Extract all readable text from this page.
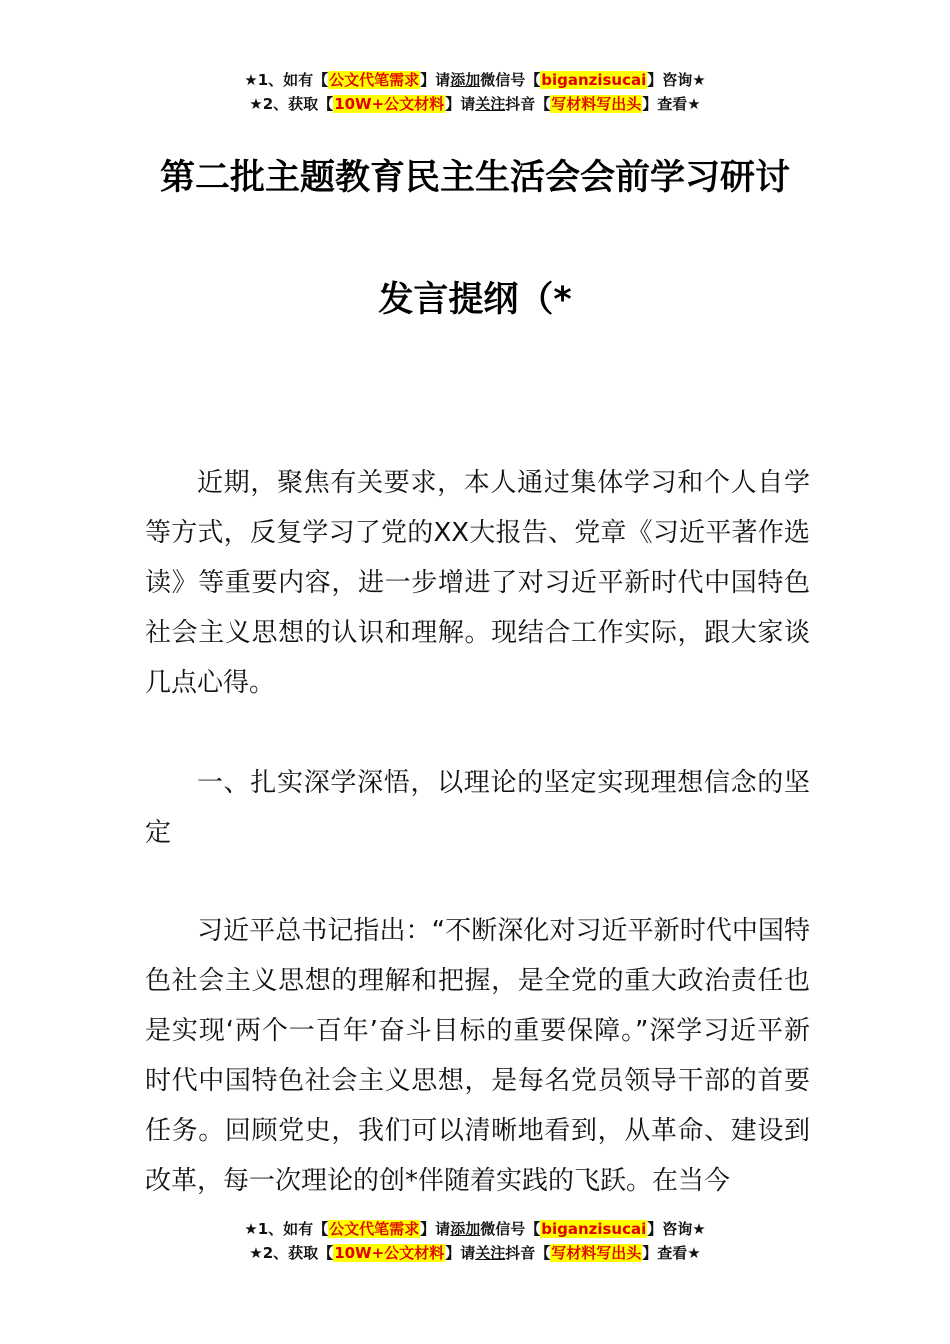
★1、如有【公文代笔需求】请添加微信号【biganzisucai】咨询★
★2、获取【10W+公文材料】请关注抖音【写材料写出头】查看★
第二批主题教育民主生活会会前学习研讨
发言提纲（*

近期，聚焦有关要求，本人通过集体学习和个人自学等方式，反复学习了党的XX大报告、党章《习近平著作选读》等重要内容，进一步增进了对习近平新时代中国特色社会主义思想的认识和理解。现结合工作实际，跟大家谈几点心得。

一、扎实深学深悟，以理论的坚定实现理想信念的坚定

习近平总书记指出：“不断深化对习近平新时代中国特色社会主义思想的理解和把握，是全党的重大政治责任也是实现‘两个一百年’奋斗目标的重要保障。”深学习近平新时代中国特色社会主义思想，是每名党员领导干部的首要任务。回顾党史，我们可以清晰地看到，从革命、建设到改革，每一次理论的创*伴随着实践的飞跃。在当今

★1、如有【公文代笔需求】请添加微信号【biganzisucai】咨询★
★2、获取【10W+公文材料】请关注抖音【写材料写出头】查看★
